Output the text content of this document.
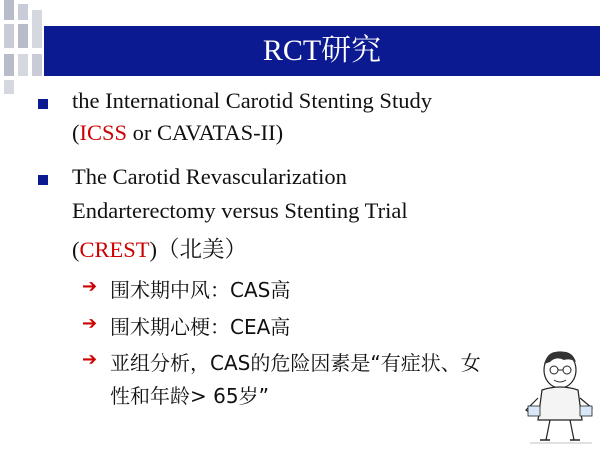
RCT研究
the International Carotid Stenting Study
(ICSS or CAVATAS-II)
The Carotid Revascularization
Endarterectomy versus Stenting Trial
(CREST)（北美）
➔ 围术期中风：CAS高
➔ 围术期心梗：CEA高
➔ 亚组分析，CAS的危险因素是“有症状、女
性和年龄> 65岁”
